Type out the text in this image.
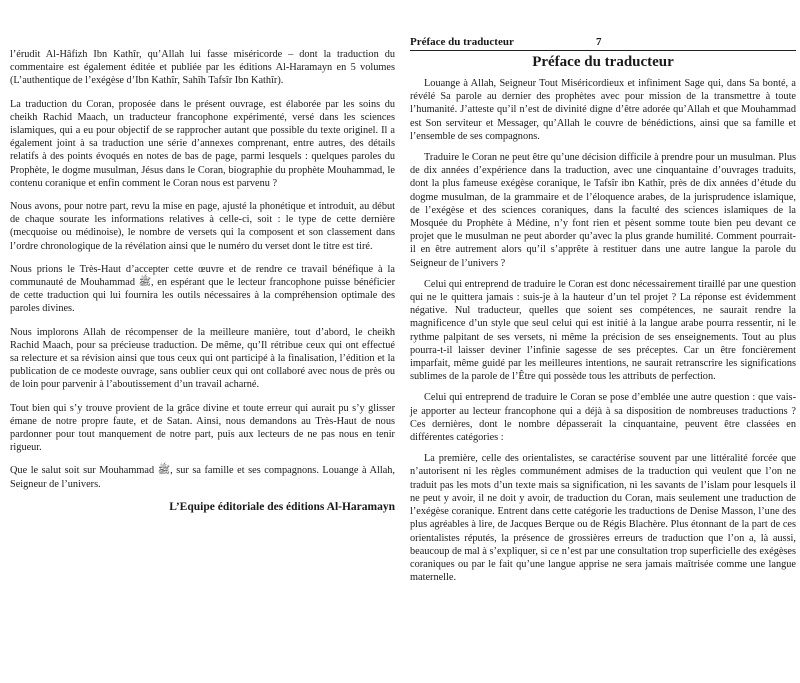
l’érudit Al-Hâfizh Ibn Kathîr, qu’Allah lui fasse miséricorde – dont la traduction du commentaire est également éditée et publiée par les éditions Al-Haramayn en 5 volumes (L’authentique de l’exégèse d’Ibn Kathîr, Sahîh Tafsîr Ibn Kathîr).

La traduction du Coran, proposée dans le présent ouvrage, est élaborée par les soins du cheikh Rachid Maach, un traducteur francophone expérimenté, versé dans les sciences islamiques, qui a eu pour objectif de se rapprocher autant que possible du texte originel. Il a également joint à sa traduction une série d’annexes comprenant, entre autres, des détails relatifs à des points évoqués en notes de bas de page, parmi lesquels : quelques paroles du Prophète, le dogme musulman, Jésus dans le Coran, biographie du prophète Mouhammad, le contenu coranique et enfin comment le Coran nous est parvenu ?

Nous avons, pour notre part, revu la mise en page, ajusté la phonétique et introduit, au début de chaque sourate les informations relatives à celle-ci, soit : le type de cette dernière (mecquoise ou médinoise), le nombre de versets qui la composent et son classement dans l’ordre chronologique de la révélation ainsi que le numéro du verset dont le titre est tiré.

Nous prions le Très-Haut d’accepter cette œuvre et de rendre ce travail bénéfique à la communauté de Mouhammad ﷺ, en espérant que le lecteur francophone puisse bénéficier de cette traduction qui lui fournira les outils nécessaires à la compréhension optimale des paroles divines.

Nous implorons Allah de récompenser de la meilleure manière, tout d’abord, le cheikh Rachid Maach, pour sa précieuse traduction. De même, qu’Il rétribue ceux qui ont effectué sa relecture et sa révision ainsi que tous ceux qui ont participé à la finalisation, l’édition et la publication de ce modeste ouvrage, sans oublier ceux qui ont collaboré avec nous de près ou de loin pour parvenir à l’aboutissement d’un travail acharné.

Tout bien qui s’y trouve provient de la grâce divine et toute erreur qui aurait pu s’y glisser émane de notre propre faute, et de Satan. Ainsi, nous demandons au Très-Haut de nous pardonner pour tout manquement de notre part, puis aux lecteurs de ne pas nous en tenir rigueur.

Que le salut soit sur Mouhammad ﷺ, sur sa famille et ses compagnons. Louange à Allah, Seigneur de l’univers.

L’Equipe éditoriale des éditions Al-Haramayn
Préface du traducteur	7
Préface du traducteur

Louange à Allah, Seigneur Tout Miséricordieux et infiniment Sage qui, dans Sa bonté, a révélé Sa parole au dernier des prophètes avec pour mission de la transmettre à toute l’humanité. J’atteste qu’il n’est de divinité digne d’être adorée qu’Allah et que Mouhammad est Son serviteur et Messager, qu’Allah le couvre de bénédictions, ainsi que sa famille et l’ensemble de ses compagnons.

Traduire le Coran ne peut être qu’une décision difficile à prendre pour un musulman. Plus de dix années d’expérience dans la traduction, avec une cinquantaine d’ouvrages traduits, dont la plus fameuse exégèse coranique, le Tafsîr ibn Kathîr, près de dix années d’étude du dogme musulman, de la grammaire et de l’éloquence arabes, de la jurisprudence islamique, de l’exégèse et des sciences coraniques, dans la faculté des sciences islamiques de la Mosquée du Prophète à Médine, n’y font rien et pèsent somme toute bien peu devant ce projet que le musulman ne peut aborder qu’avec la plus grande humilité. Comment pourrait-il en être autrement alors qu’il s’apprête à restituer dans une autre langue la parole du Seigneur de l’univers ?

Celui qui entreprend de traduire le Coran est donc nécessairement tiraillé par une question qui ne le quittera jamais : suis-je à la hauteur d’un tel projet ? La réponse est évidemment négative. Nul traducteur, quelles que soient ses compétences, ne saurait rendre la magnificence d’un style que seul celui qui est initié à la langue arabe pourra ressentir, ni le rythme palpitant de ses versets, ni même la précision de ses enseignements. Tout au plus pourra-t-il laisser deviner l’infinie sagesse de ses préceptes. Car un être foncièrement imparfait, même guidé par les meilleures intentions, ne saurait retranscrire les significations sublimes de la parole de l’Être qui possède tous les attributs de perfection.

Celui qui entreprend de traduire le Coran se pose d’emblée une autre question : que vais-je apporter au lecteur francophone qui a déjà à sa disposition de nombreuses traductions ? Ces dernières, dont le nombre dépasserait la cinquantaine, peuvent être classées en différentes catégories :

La première, celle des orientalistes, se caractérise souvent par une littéralité forcée que n’autorisent ni les règles communément admises de la traduction qui veulent que l’on ne traduit pas les mots d’un texte mais sa signification, ni les savants de l’islam pour lesquels il ne peut y avoir, il ne doit y avoir, de traduction du Coran, mais seulement une traduction de l’exégèse coranique. Entrent dans cette catégorie les traductions de Denise Masson, l’une des plus agréables à lire, de Jacques Berque ou de Régis Blachère. Plus étonnant de la part de ces orientalistes réputés, la présence de grossières erreurs de traduction que l’on a, là aussi, beaucoup de mal à s’expliquer, si ce n’est par une consultation trop superficielle des exégèses coraniques ou par le fait qu’une langue apprise ne sera jamais maîtrisée comme une langue maternelle.
